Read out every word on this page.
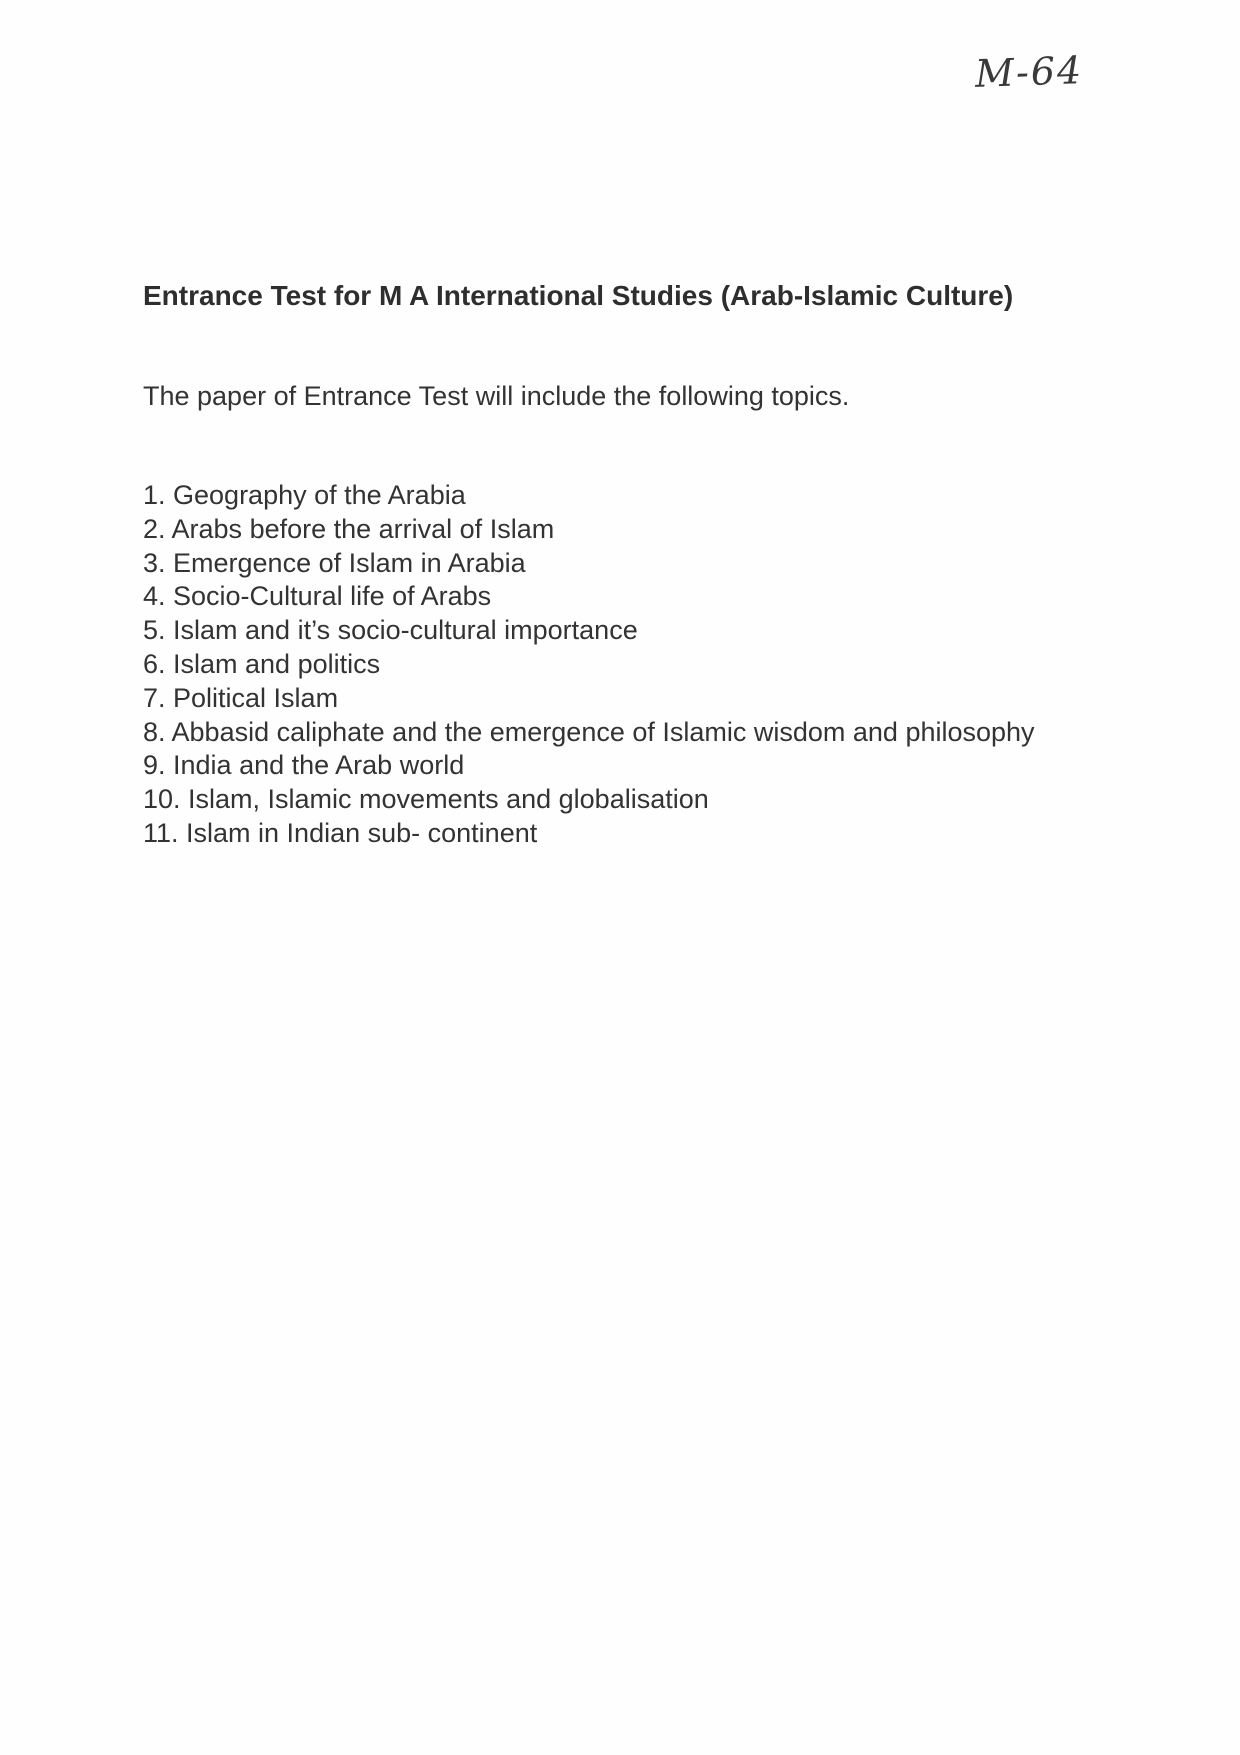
M-64
Entrance Test for M A International Studies (Arab-Islamic Culture)

The paper of Entrance Test will include the following topics.

1. Geography of the Arabia
2. Arabs before the arrival of Islam
3. Emergence of Islam in Arabia
4. Socio-Cultural life of Arabs
5. Islam and it’s socio-cultural importance
6. Islam and politics
7. Political Islam
8. Abbasid caliphate and the emergence of Islamic wisdom and philosophy
9. India and the Arab world
10. Islam, Islamic movements and globalisation
11. Islam in Indian sub- continent
